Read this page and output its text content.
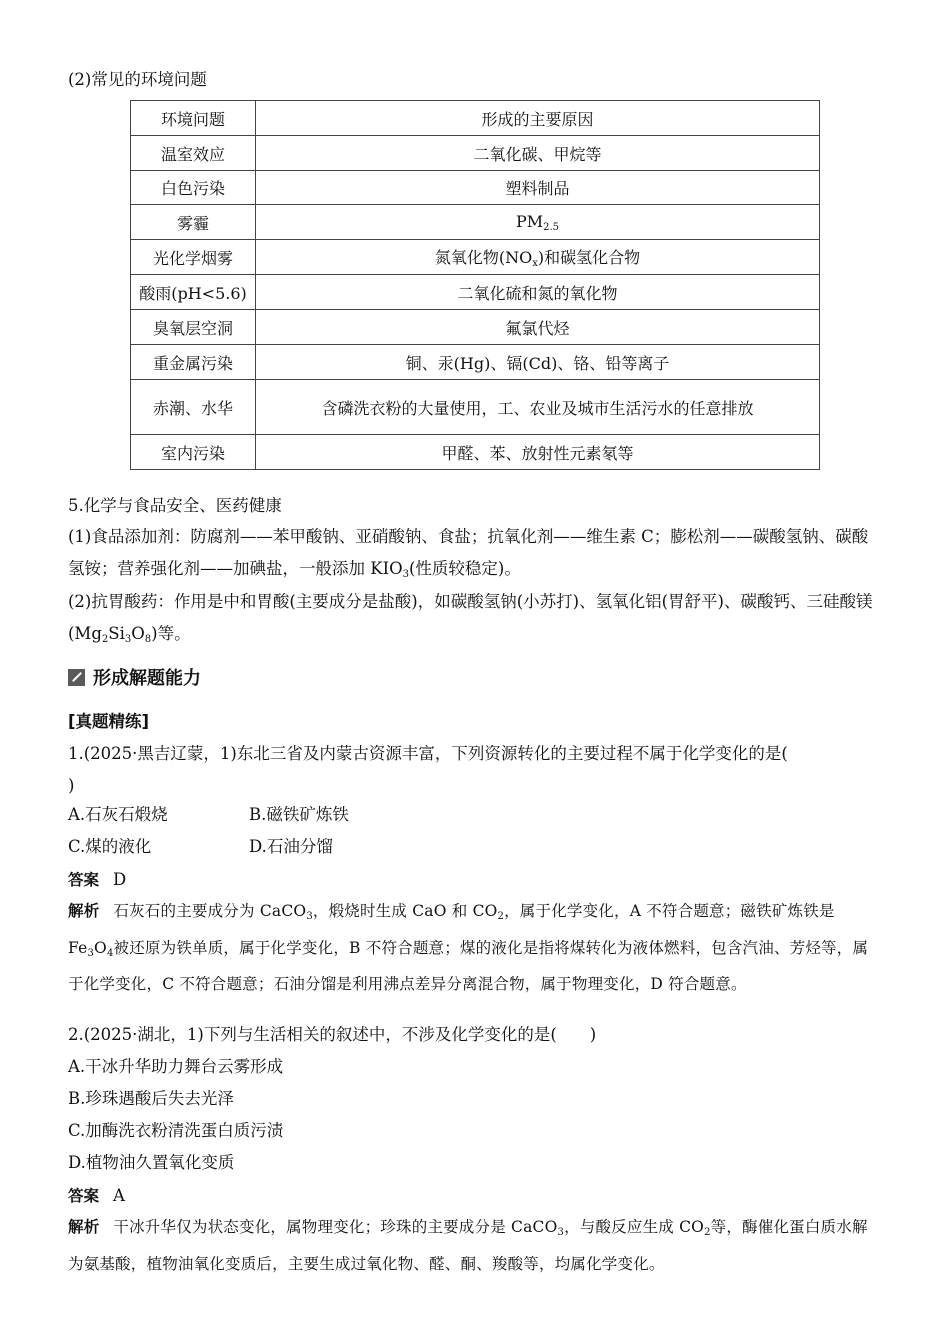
(2)常见的环境问题
环境问题	形成的主要原因
温室效应	二氧化碳、甲烷等
白色污染	塑料制品
雾霾	$PM_{2.5}$
光化学烟雾	氮氧化物$(NO_x)$和碳氢化合物
酸雨(pH<5.6)	二氧化硫和氮的氧化物
臭氧层空洞	氟氯代烃
重金属污染	铜、汞(Hg)、镉(Cd)、铬、铅等离子
赤潮、水华	含磷洗衣粉的大量使用，工、农业及城市生活污水的任意排放
室内污染	甲醛、苯、放射性元素氡等
5.化学与食品安全、医药健康
(1)食品添加剂：防腐剂——苯甲酸钠、亚硝酸钠、食盐；抗氧化剂——维生素 C；膨松剂——碳酸氢钠、碳酸氢铵；营养强化剂——加碘盐，一般添加 $KIO_3$(性质较稳定)。
(2)抗胃酸药：作用是中和胃酸(主要成分是盐酸)，如碳酸氢钠(小苏打)、氢氧化铝(胃舒平)、碳酸钙、三硅酸镁$(Mg_2Si_3O_8)$等。
形成解题能力
[真题精练]
1.(2025·黑吉辽蒙，1)东北三省及内蒙古资源丰富，下列资源转化的主要过程不属于化学变化的是(
)
A.石灰石煅烧	B.磁铁矿炼铁
C.煤的液化	D.石油分馏
答案 D
解析 石灰石的主要成分为 CaCO$_3$，煅烧时生成 CaO 和 $CO_2$，属于化学变化，A 不符合题意；磁铁矿炼铁是 $Fe_3O_4$被还原为铁单质，属于化学变化，B 不符合题意；煤的液化是指将煤转化为液体燃料，包含汽油、芳烃等，属于化学变化，C 不符合题意；石油分馏是利用沸点差异分离混合物，属于物理变化，D 符合题意。
2.(2025·湖北，1)下列与生活相关的叙述中，不涉及化学变化的是(　　)
A.干冰升华助力舞台云雾形成
B.珍珠遇酸后失去光泽
C.加酶洗衣粉清洗蛋白质污渍
D.植物油久置氧化变质
答案 A
解析 干冰升华仅为状态变化，属物理变化；珍珠的主要成分是 CaCO$_3$，与酸反应生成 $CO_2$等，酶催化蛋白质水解为氨基酸，植物油氧化变质后，主要生成过氧化物、醛、酮、羧酸等，均属化学变化。
